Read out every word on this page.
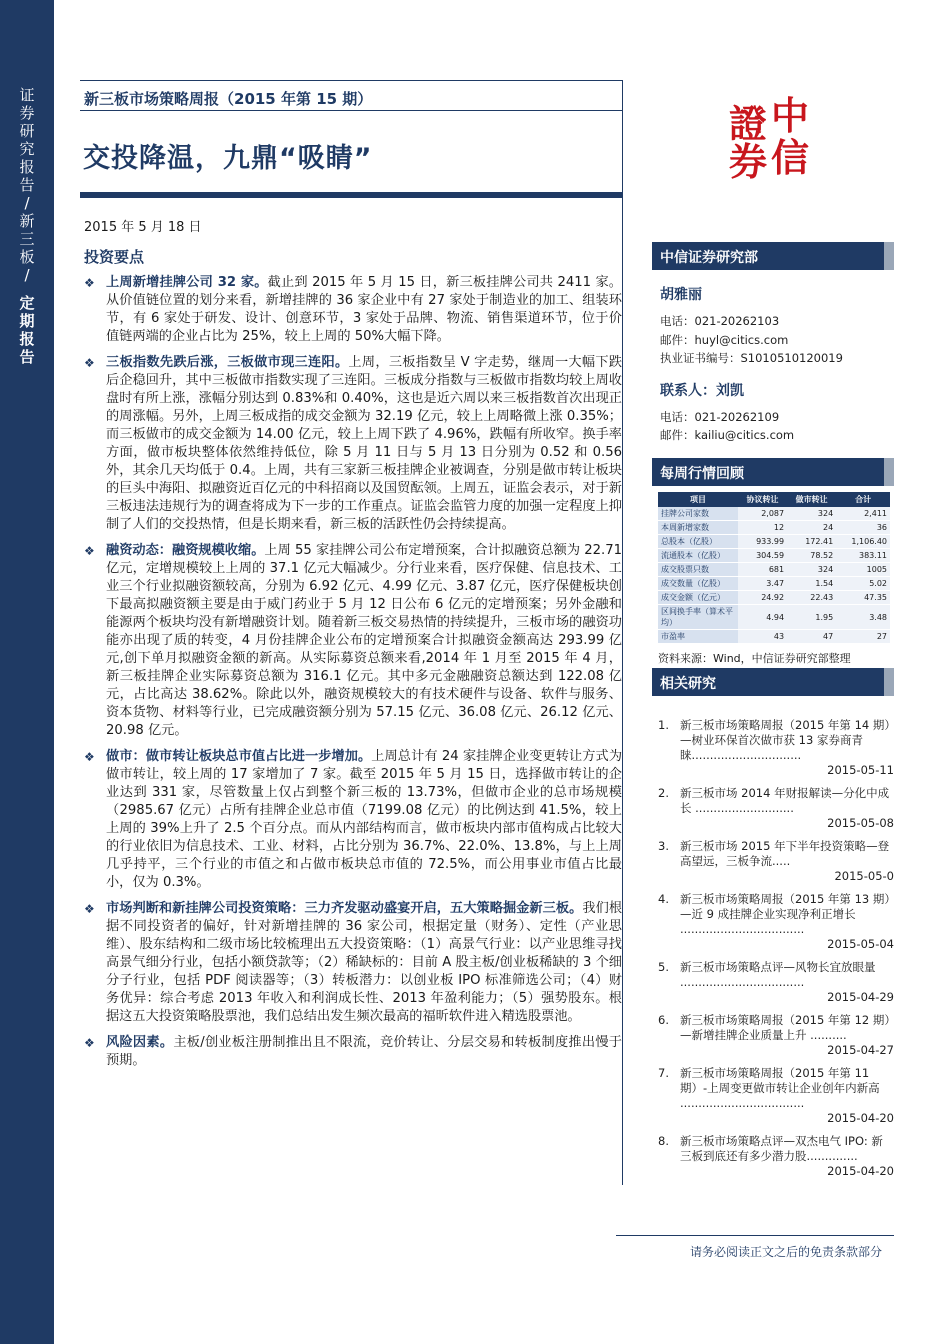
证
券
研
究
报
告
/
新
三
板
/
定
期
报
告
新三板市场策略周报（2015 年第 15 期）
交投降温，九鼎“吸睛”
2015 年 5 月 18 日
中
信
證
券
投资要点
❖ 上周新增挂牌公司 32 家。截止到 2015 年 5 月 15 日，新三板挂牌公司共 2411 家。从价值链位置的划分来看，新增挂牌的 36 家企业中有 27 家处于制造业的加工、组装环节，有 6 家处于研发、设计、创意环节，3 家处于品牌、物流、销售渠道环节，位于价值链两端的企业占比为 25%，较上上周的 50%大幅下降。
❖ 三板指数先跌后涨，三板做市现三连阳。上周，三板指数呈 V 字走势，继周一大幅下跌后企稳回升，其中三板做市指数实现了三连阳。三板成分指数与三板做市指数均较上周收盘时有所上涨，涨幅分别达到 0.83%和 0.40%，这也是近六周以来三板指数首次出现正的周涨幅。另外，上周三板成指的成交金额为 32.19 亿元，较上上周略微上涨 0.35%；而三板做市的成交金额为 14.00 亿元，较上上周下跌了 4.96%，跌幅有所收窄。换手率方面，做市板块整体依然维持低位，除 5 月 11 日与 5 月 13 日分别为 0.52 和 0.56 外，其余几天均低于 0.4。上周，共有三家新三板挂牌企业被调查，分别是做市转让板块的巨头中海阳、拟融资近百亿元的中科招商以及国贸酝领。上周五，证监会表示，对于新三板违法违规行为的调查将成为下一步的工作重点。证监会监管力度的加强一定程度上抑制了人们的交投热情，但是长期来看，新三板的活跃性仍会持续提高。
❖ 融资动态：融资规模收缩。上周 55 家挂牌公司公布定增预案，合计拟融资总额为 22.71 亿元，定增规模较上上周的 37.1 亿元大幅减少。分行业来看，医疗保健、信息技术、工业三个行业拟融资额较高，分别为 6.92 亿元、4.99 亿元、3.87 亿元，医疗保健板块创下最高拟融资额主要是由于威门药业于 5 月 12 日公布 6 亿元的定增预案；另外金融和能源两个板块均没有新增融资计划。随着新三板交易热情的持续提升，三板市场的融资功能亦出现了质的转变，4 月份挂牌企业公布的定增预案合计拟融资金额高达 293.99 亿元,创下单月拟融资金额的新高。从实际募资总额来看,2014 年 1 月至 2015 年 4 月，新三板挂牌企业实际募资总额为 316.1 亿元。其中多元金融融资总额达到 122.08 亿元，占比高达 38.62%。除此以外，融资规模较大的有技术硬件与设备、软件与服务、资本货物、材料等行业，已完成融资额分别为 57.15 亿元、36.08 亿元、26.12 亿元、20.98 亿元。
❖ 做市：做市转让板块总市值占比进一步增加。上周总计有 24 家挂牌企业变更转让方式为做市转让，较上周的 17 家增加了 7 家。截至 2015 年 5 月 15 日，选择做市转让的企业达到 331 家，尽管数量上仅占到整个新三板的 13.73%，但做市企业的总市场规模（2985.67 亿元）占所有挂牌企业总市值（7199.08 亿元）的比例达到 41.5%，较上上周的 39%上升了 2.5 个百分点。而从内部结构而言，做市板块内部市值构成占比较大的行业依旧为信息技术、工业、材料，占比分别为 36.7%、22.0%、13.8%，与上上周几乎持平，三个行业的市值之和占做市板块总市值的 72.5%，而公用事业市值占比最小，仅为 0.3%。
❖ 市场判断和新挂牌公司投资策略：三力齐发驱动盛宴开启，五大策略掘金新三板。我们根据不同投资者的偏好，针对新增挂牌的 36 家公司，根据定量（财务）、定性（产业思维）、股东结构和二级市场比较梳理出五大投资策略：（1）高景气行业：以产业思维寻找高景气细分行业，包括小额贷款等；（2）稀缺标的：目前 A 股主板/创业板稀缺的 3 个细分子行业，包括 PDF 阅读器等；（3）转板潜力：以创业板 IPO 标准筛选公司；（4）财务优异：综合考虑 2013 年收入和利润成长性、2013 年盈利能力；（5）强势股东。根据这五大投资策略股票池，我们总结出发生频次最高的福昕软件进入精选股票池。
❖ 风险因素。主板/创业板注册制推出且不限流，竞价转让、分层交易和转板制度推出慢于预期。
中信证券研究部
胡雅丽
电话：021-20262103
邮件：huyl@citics.com
执业证书编号：S1010510120019
联系人：刘凯
电话：021-20262109
邮件：kailiu@citics.com
每周行情回顾
项目	协议转让	做市转让	合计
挂牌公司家数	2,087	324	2,411
本周新增家数	12	24	36
总股本（亿股）	933.99	172.41	1,106.40
流通股本（亿股）	304.59	78.52	383.11
成交股票只数	681	324	1005
成交数量（亿股）	3.47	1.54	5.02
成交金额（亿元）	24.92	22.43	47.35
区间换手率（算术平均）	4.94	1.95	3.48
市盈率	43	47	27
资料来源：Wind，中信证券研究部整理
相关研究
1. 新三板市场策略周报（2015 年第 14 期）—树业环保首次做市获 13 家券商青睐..............................
2015-05-11
2. 新三板市场 2014 年财报解读—分化中成长 ...........................
2015-05-08
3. 新三板市场 2015 年下半年投资策略—登高望远，三板争流.....
2015-05-0
4. 新三板市场策略周报（2015 年第 13 期）—近 9 成挂牌企业实现净利正增长 ..................................
2015-05-04
5. 新三板市场策略点评—风物长宜放眼量 ..................................
2015-04-29
6. 新三板市场策略周报（2015 年第 12 期）—新增挂牌企业质量上升 ..........
2015-04-27
7. 新三板市场策略周报（2015 年第 11 期）-上周变更做市转让企业创年内新高 ..................................
2015-04-20
8. 新三板市场策略点评—双杰电气 IPO: 新三板到底还有多少潜力股..............
2015-04-20
请务必阅读正文之后的免责条款部分
